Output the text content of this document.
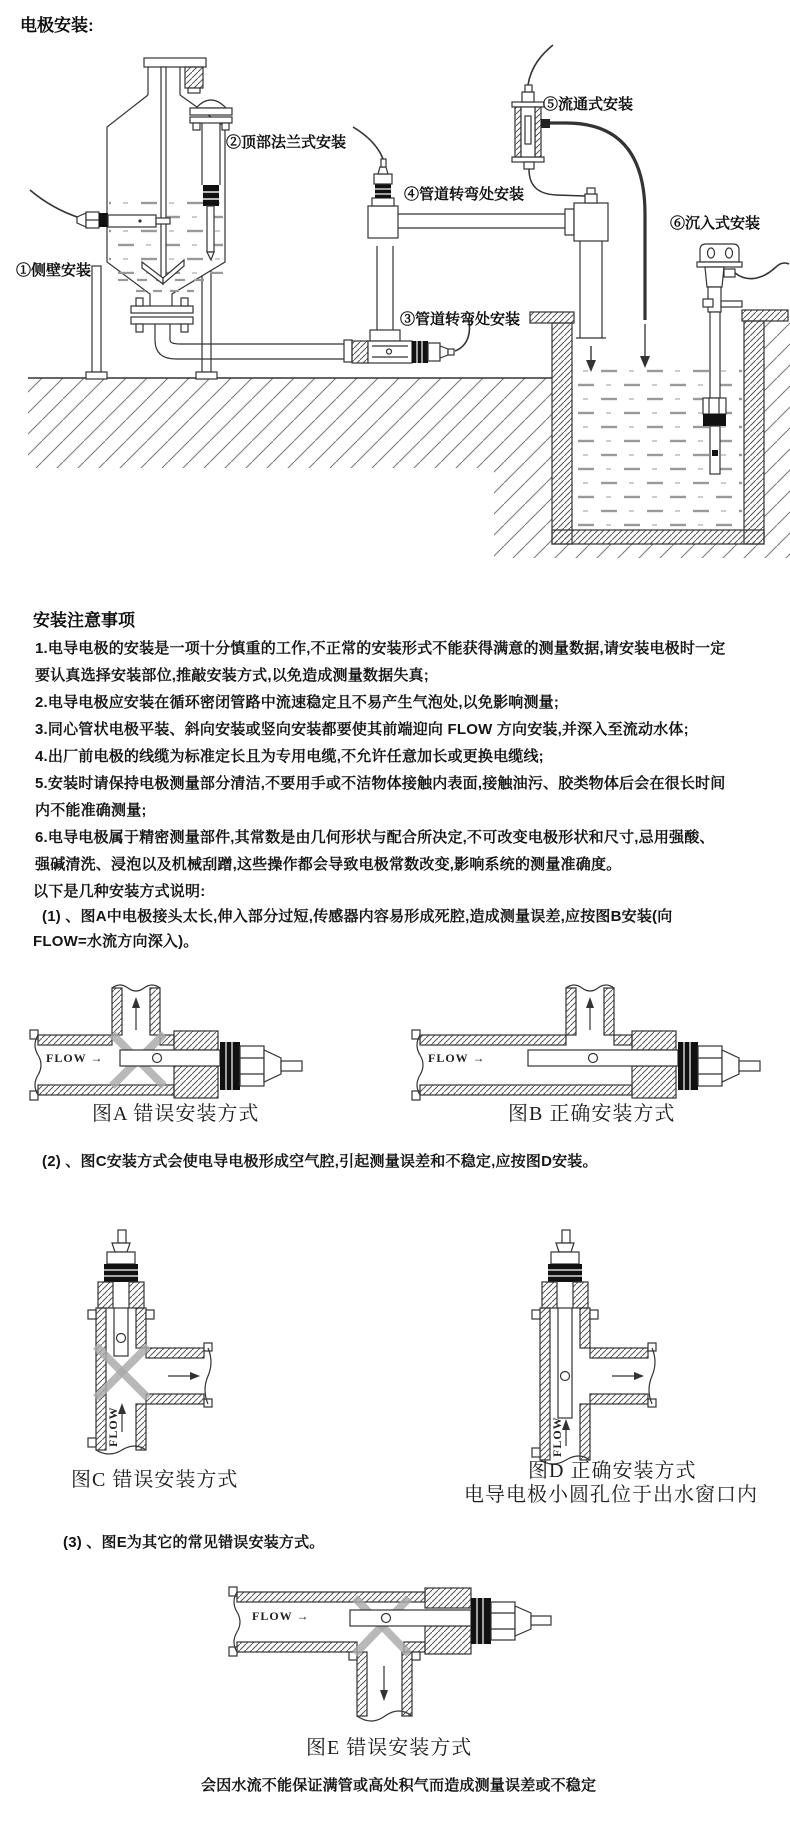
电极安装:
①侧壁安装
②顶部法兰式安装
③管道转弯处安装
④管道转弯处安装
⑤流通式安装
⑥沉入式安装
安装注意事项
1.电导电极的安装是一项十分慎重的工作,不正常的安装形式不能获得满意的测量数据,请安装电极时一定
要认真选择安装部位,推敲安装方式,以免造成测量数据失真;
2.电导电极应安装在循环密闭管路中流速稳定且不易产生气泡处,以免影响测量;
3.同心管状电极平装、斜向安装或竖向安装都要使其前端迎向 FLOW 方向安装,并深入至流动水体;
4.出厂前电极的线缆为标准定长且为专用电缆,不允许任意加长或更换电缆线;
5.安装时请保持电极测量部分清洁,不要用手或不洁物体接触内表面,接触油污、胶类物体后会在很长时间
内不能准确测量;
6.电导电极属于精密测量部件,其常数是由几何形状与配合所决定,不可改变电极形状和尺寸,忌用强酸、
强碱清洗、浸泡以及机械刮蹭,这些操作都会导致电极常数改变,影响系统的测量准确度。
以下是几种安装方式说明:
(1) 、图A中电极接头太长,伸入部分过短,传感器内容易形成死腔,造成测量误差,应按图B安装(向
FLOW=水流方向深入)。
(2) 、图C安装方式会使电导电极形成空气腔,引起测量误差和不稳定,应按图D安装。
(3) 、图E为其它的常见错误安装方式。
FLOW →	FLOW →
FLOW	FLOW
FLOW →
图A 错误安装方式	图B 正确安装方式
图C 错误安装方式	图D 正确安装方式
电导电极小圆孔位于出水窗口内
图E 错误安装方式
会因水流不能保证满管或高处积气而造成测量误差或不稳定
